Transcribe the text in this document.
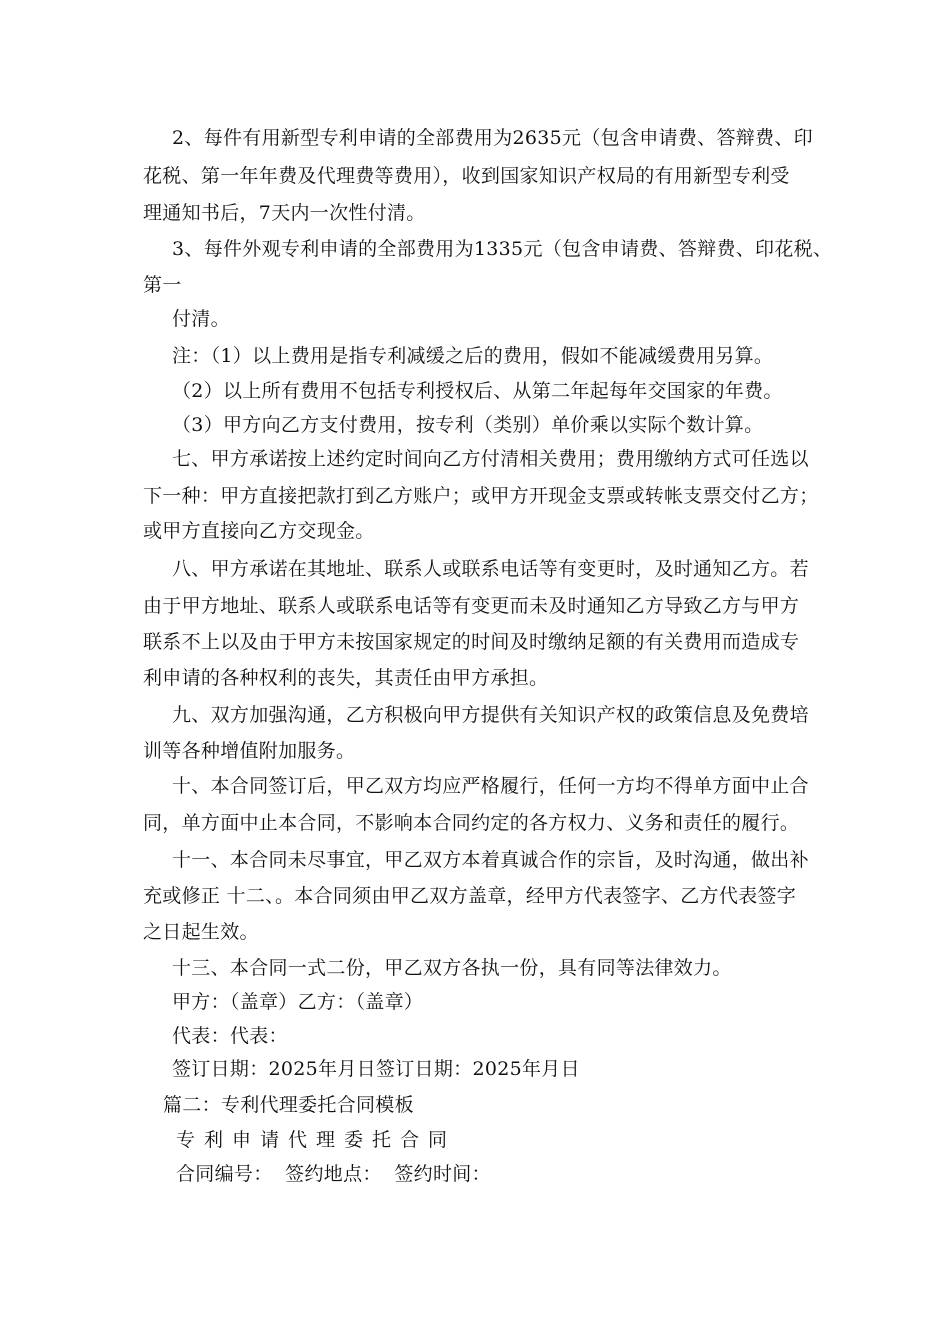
2、每件有用新型专利申请的全部费用为2635元（包含申请费、答辩费、印
花税、第一年年费及代理费等费用），收到国家知识产权局的有用新型专利受
理通知书后，7天内一次性付清。
3、每件外观专利申请的全部费用为1335元（包含申请费、答辩费、印花税、
第一
付清。
注：（1）以上费用是指专利减缓之后的费用，假如不能减缓费用另算。
（2）以上所有费用不包括专利授权后、从第二年起每年交国家的年费。
（3）甲方向乙方支付费用，按专利（类别）单价乘以实际个数计算。
七、甲方承诺按上述约定时间向乙方付清相关费用；费用缴纳方式可任选以
下一种：甲方直接把款打到乙方账户；或甲方开现金支票或转帐支票交付乙方；
或甲方直接向乙方交现金。
八、甲方承诺在其地址、联系人或联系电话等有变更时，及时通知乙方。若
由于甲方地址、联系人或联系电话等有变更而未及时通知乙方导致乙方与甲方
联系不上以及由于甲方未按国家规定的时间及时缴纳足额的有关费用而造成专
利申请的各种权利的丧失，其责任由甲方承担。
九、双方加强沟通，乙方积极向甲方提供有关知识产权的政策信息及免费培
训等各种增值附加服务。
十、本合同签订后，甲乙双方均应严格履行，任何一方均不得单方面中止合
同，单方面中止本合同，不影响本合同约定的各方权力、义务和责任的履行。
十一、本合同未尽事宜，甲乙双方本着真诚合作的宗旨，及时沟通，做出补
充或修正 十二、。本合同须由甲乙双方盖章，经甲方代表签字、乙方代表签字
之日起生效。
十三、本合同一式二份，甲乙双方各执一份，具有同等法律效力。
甲方：（盖章）乙方：（盖章）
代表：代表：
签订日期：2025年月日签订日期：2025年月日
篇二：专利代理委托合同模板
专利申请代理委托合同
合同编号：  签约地点：  签约时间：
